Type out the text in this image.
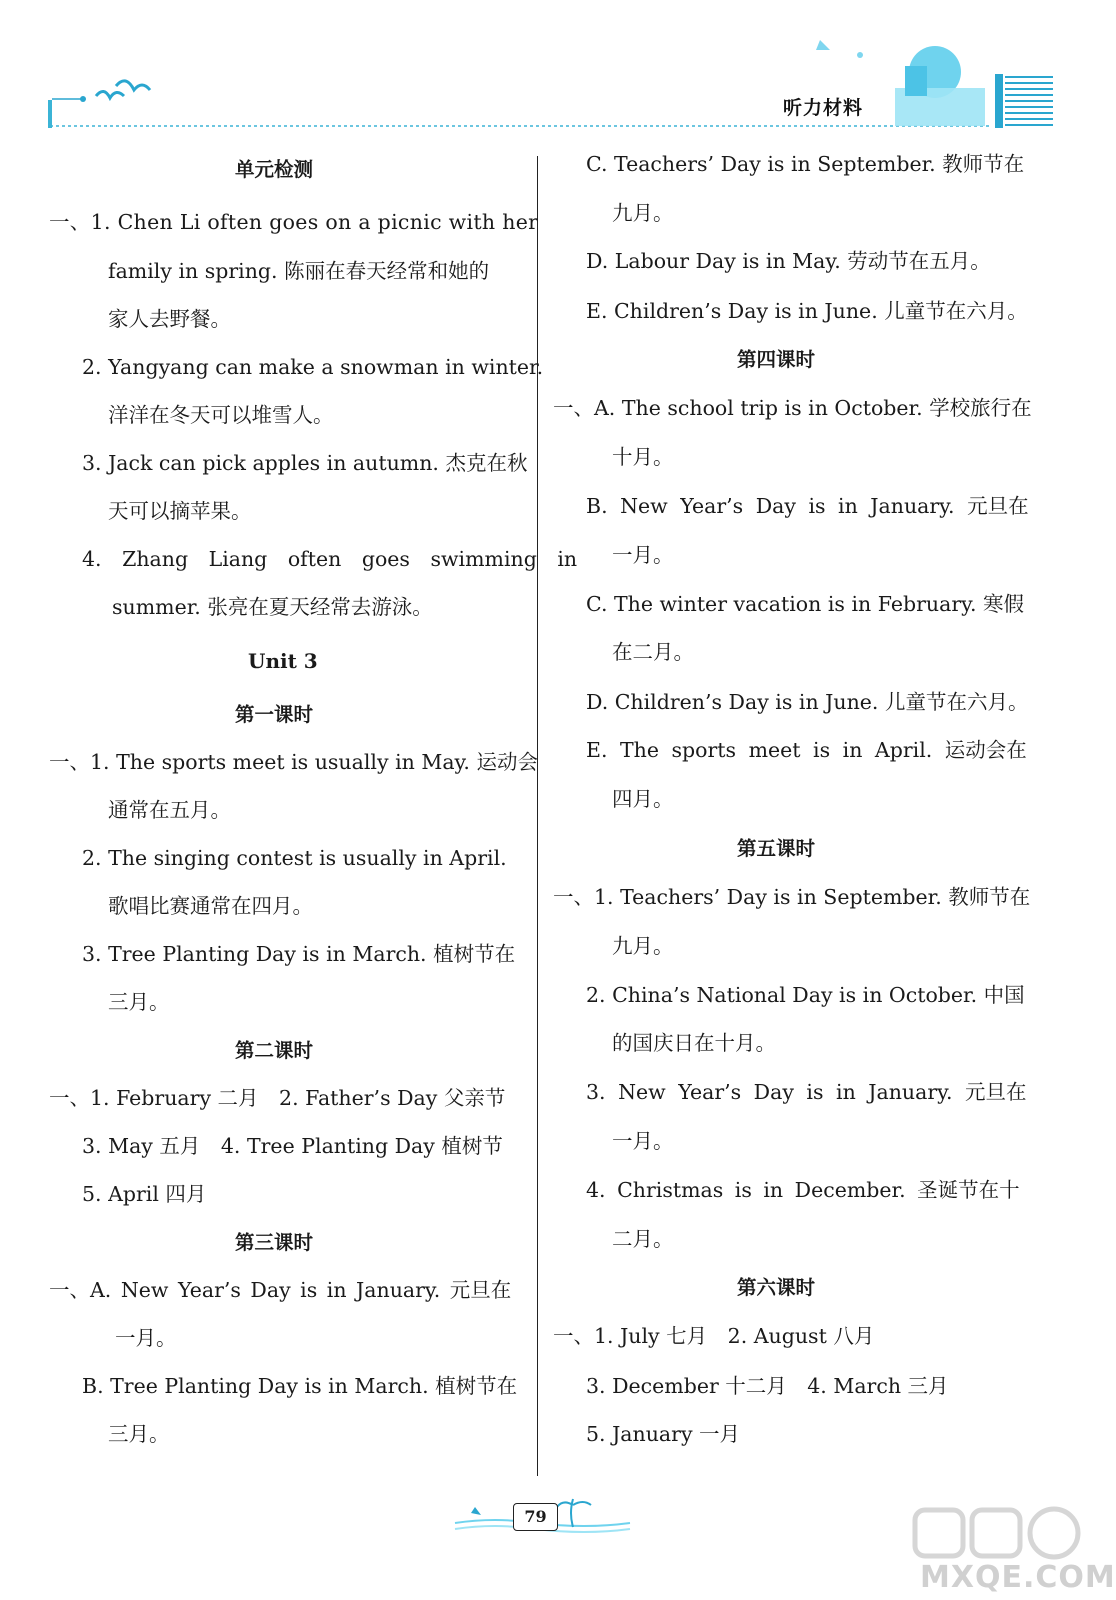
听力材料
单元检测
一、1. Chen Li often goes on a picnic with her
family in spring. 陈丽在春天经常和她的
家人去野餐。
2. Yangyang can make a snowman in winter.
洋洋在冬天可以堆雪人。
3. Jack can pick apples in autumn. 杰克在秋
天可以摘苹果。
4. Zhang Liang often goes swimming in
summer. 张亮在夏天经常去游泳。
Unit 3
第一课时
一、1. The sports meet is usually in May. 运动会
通常在五月。
2. The singing contest is usually in April.
歌唱比赛通常在四月。
3. Tree Planting Day is in March. 植树节在
三月。
第二课时
一、1. February 二月　2. Father’s Day 父亲节
3. May 五月　4. Tree Planting Day 植树节
5. April 四月
第三课时
一、A. New Year’s Day is in January. 元旦在
一月。
B. Tree Planting Day is in March. 植树节在
三月。
C. Teachers’ Day is in September. 教师节在
九月。
D. Labour Day is in May. 劳动节在五月。
E. Children’s Day is in June. 儿童节在六月。
第四课时
一、A. The school trip is in October. 学校旅行在
十月。
B. New Year’s Day is in January. 元旦在
一月。
C. The winter vacation is in February. 寒假
在二月。
D. Children’s Day is in June. 儿童节在六月。
E. The sports meet is in April. 运动会在
四月。
第五课时
一、1. Teachers’ Day is in September. 教师节在
九月。
2. China’s National Day is in October. 中国
的国庆日在十月。
3. New Year’s Day is in January. 元旦在
一月。
4. Christmas is in December. 圣诞节在十
二月。
第六课时
一、1. July 七月　2. August 八月
3. December 十二月　4. March 三月
5. January 一月
79
MXQE.COM
